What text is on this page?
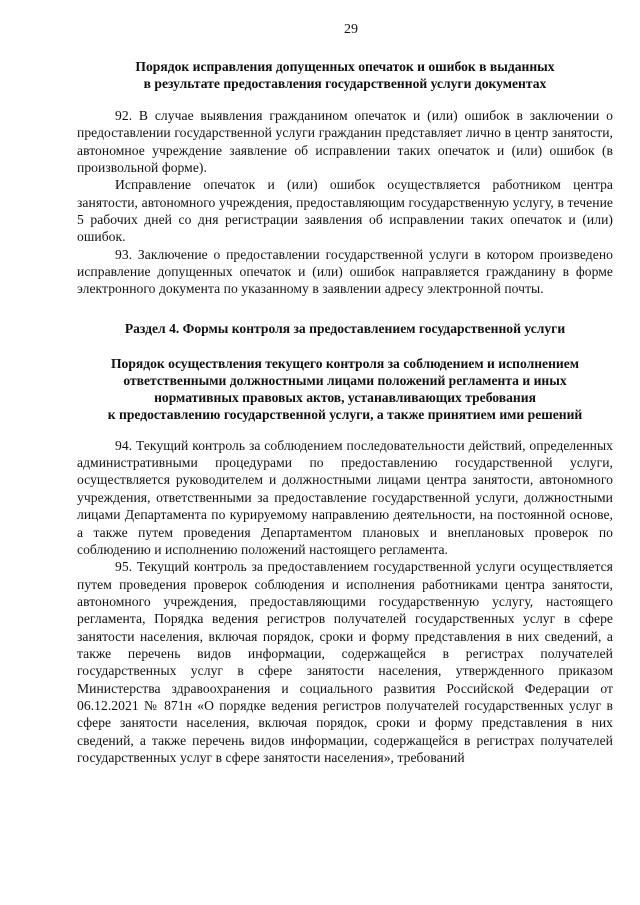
29
Порядок исправления допущенных опечаток и ошибок в выданных
в результате предоставления государственной услуги документах

92. В случае выявления гражданином опечаток и (или) ошибок в заключении о предоставлении государственной услуги гражданин представляет лично в центр занятости, автономное учреждение заявление об исправлении таких опечаток и (или) ошибок (в произвольной форме).

Исправление опечаток и (или) ошибок осуществляется работником центра занятости, автономного учреждения, предоставляющим государственную услугу, в течение 5 рабочих дней со дня регистрации заявления об исправлении таких опечаток и (или) ошибок.

93. Заключение о предоставлении государственной услуги в котором произведено исправление допущенных опечаток и (или) ошибок направляется гражданину в форме электронного документа по указанному в заявлении адресу электронной почты.

Раздел 4. Формы контроля за предоставлением государственной услуги
Порядок осуществления текущего контроля за соблюдением и исполнением
ответственными должностными лицами положений регламента и иных
нормативных правовых актов, устанавливающих требования
к предоставлению государственной услуги, а также принятием ими решений

94. Текущий контроль за соблюдением последовательности действий, определенных административными процедурами по предоставлению государственной услуги, осуществляется руководителем и должностными лицами центра занятости, автономного учреждения, ответственными за предоставление государственной услуги, должностными лицами Департамента по курируемому направлению деятельности, на постоянной основе, а также путем проведения Департаментом плановых и внеплановых проверок по соблюдению и исполнению положений настоящего регламента.

95. Текущий контроль за предоставлением государственной услуги осуществляется путем проведения проверок соблюдения и исполнения работниками центра занятости, автономного учреждения, предоставляющими государственную услугу, настоящего регламента, Порядка ведения регистров получателей государственных услуг в сфере занятости населения, включая порядок, сроки и форму представления в них сведений, а также перечень видов информации, содержащейся в регистрах получателей государственных услуг в сфере занятости населения, утвержденного приказом Министерства здравоохранения и социального развития Российской Федерации от 06.12.2021 № 871н «О порядке ведения регистров получателей государственных услуг в сфере занятости населения, включая порядок, сроки и форму представления в них сведений, а также перечень видов информации, содержащейся в регистрах получателей государственных услуг в сфере занятости населения», требований
